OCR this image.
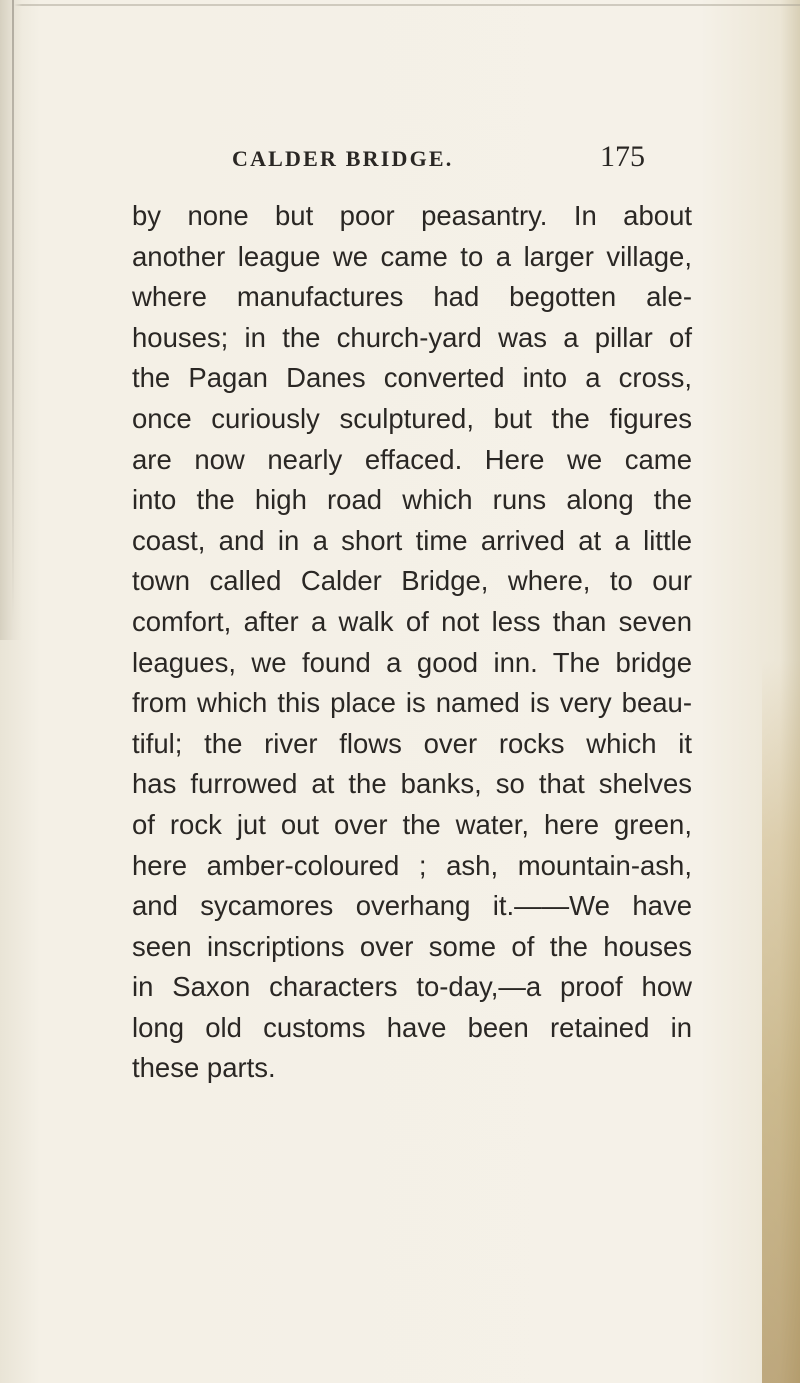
CALDER BRIDGE.	175
by none but poor peasantry. In about
another league we came to a larger village,
where manufactures had begotten ale-
houses; in the church-yard was a pillar of
the Pagan Danes converted into a cross,
once curiously sculptured, but the figures
are now nearly effaced. Here we came
into the high road which runs along the
coast, and in a short time arrived at a little
town called Calder Bridge, where, to our
comfort, after a walk of not less than seven
leagues, we found a good inn. The bridge
from which this place is named is very beau-
tiful; the river flows over rocks which it
has furrowed at the banks, so that shelves
of rock jut out over the water, here green,
here amber-coloured ; ash, mountain-ash,
and sycamores overhang it.——We have
seen inscriptions over some of the houses
in Saxon characters to-day,—a proof how
long old customs have been retained in
these parts.
